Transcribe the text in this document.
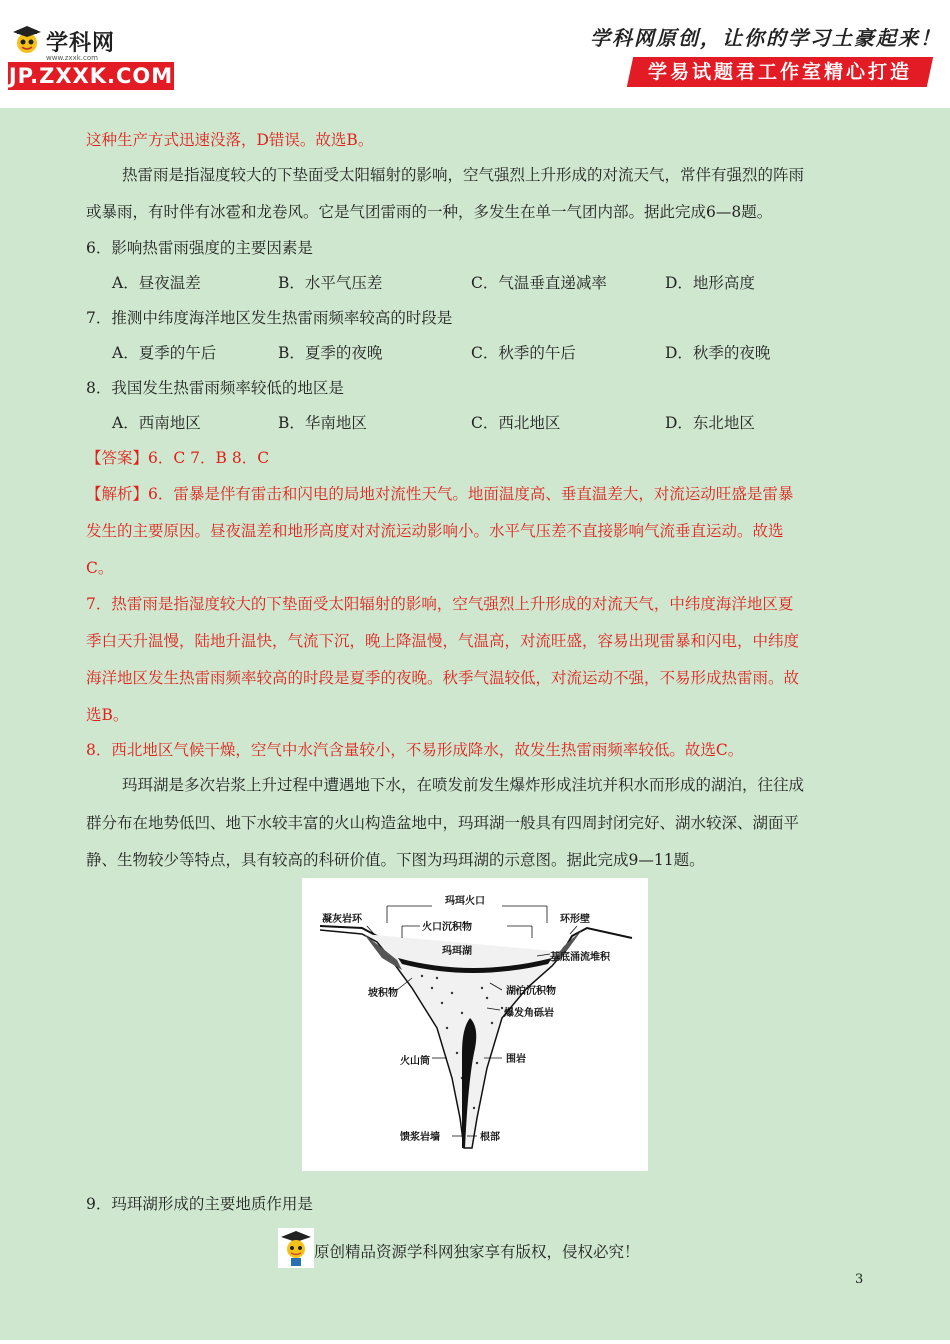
学科网
www.zxxk.com
JP.ZXXK.COM
学科网原创，让你的学习土豪起来！
学易试题君工作室精心打造
这种生产方式迅速没落，D错误。故选B。
热雷雨是指湿度较大的下垫面受太阳辐射的影响，空气强烈上升形成的对流天气，常伴有强烈的阵雨
或暴雨，有时伴有冰雹和龙卷风。它是气团雷雨的一种，多发生在单一气团内部。据此完成6—8题。
6．影响热雷雨强度的主要因素是
A．昼夜温差	B．水平气压差	C．气温垂直递减率	D．地形高度
7．推测中纬度海洋地区发生热雷雨频率较高的时段是
A．夏季的午后	B．夏季的夜晚	C．秋季的午后	D．秋季的夜晚
8．我国发生热雷雨频率较低的地区是
A．西南地区	B．华南地区	C．西北地区	D．东北地区
【答案】6．C 7．B 8．C
【解析】6．雷暴是伴有雷击和闪电的局地对流性天气。地面温度高、垂直温差大，对流运动旺盛是雷暴
发生的主要原因。昼夜温差和地形高度对对流运动影响小。水平气压差不直接影响气流垂直运动。故选
C。
7．热雷雨是指湿度较大的下垫面受太阳辐射的影响，空气强烈上升形成的对流天气，中纬度海洋地区夏
季白天升温慢，陆地升温快，气流下沉，晚上降温慢，气温高，对流旺盛，容易出现雷暴和闪电，中纬度
海洋地区发生热雷雨频率较高的时段是夏季的夜晚。秋季气温较低，对流运动不强，不易形成热雷雨。故
选B。
8．西北地区气候干燥，空气中水汽含量较小，不易形成降水，故发生热雷雨频率较低。故选C。
玛珥湖是多次岩浆上升过程中遭遇地下水，在喷发前发生爆炸形成洼坑并积水而形成的湖泊，往往成
群分布在地势低凹、地下水较丰富的火山构造盆地中，玛珥湖一般具有四周封闭完好、湖水较深、湖面平
静、生物较少等特点，具有较高的科研价值。下图为玛珥湖的示意图。据此完成9—11题。
玛珥火口
凝灰岩环
火口沉积物
环形壁
玛珥湖
基底涌流堆积
坡积物	湖泊沉积物
爆发角砾岩
火山筒	围岩
馈浆岩墙	根部
9．玛珥湖形成的主要地质作用是
原创精品资源学科网独家享有版权，侵权必究！
3
